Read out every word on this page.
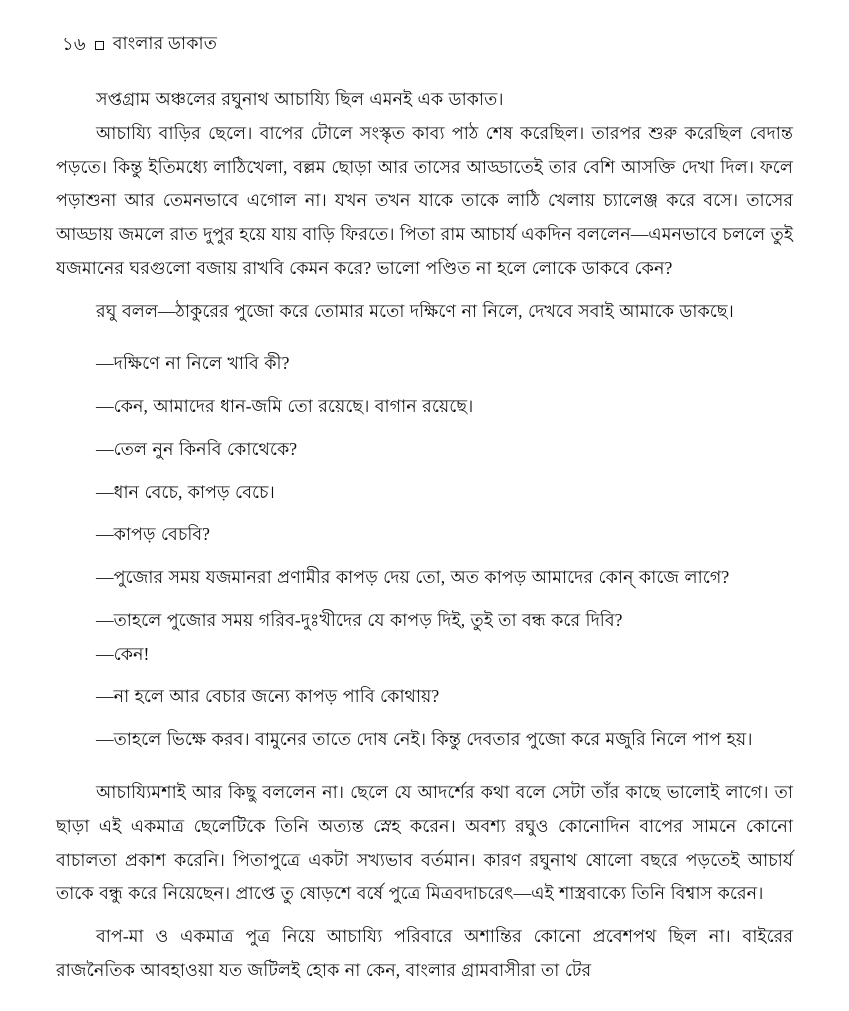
১৬ বাংলার ডাকাত

সপ্তগ্রাম অঞ্চলের রঘুনাথ আচায্যি ছিল এমনই এক ডাকাত।

আচায্যি বাড়ির ছেলে। বাপের টোলে সংস্কৃত কাব্য পাঠ শেষ করেছিল। তারপর শুরু করেছিল বেদান্ত পড়তে। কিন্তু ইতিমধ্যে লাঠিখেলা, বল্লম ছোড়া আর তাসের আড্ডাতেই তার বেশি আসক্তি দেখা দিল। ফলে পড়াশুনা আর তেমনভাবে এগোল না। যখন তখন যাকে তাকে লাঠি খেলায় চ্যালেঞ্জ করে বসে। তাসের আড্ডায় জমলে রাত দুপুর হয়ে যায় বাড়ি ফিরতে। পিতা রাম আচার্য একদিন বললেন—এমনভাবে চললে তুই যজমানের ঘরগুলো বজায় রাখবি কেমন করে? ভালো পণ্ডিত না হলে লোকে ডাকবে কেন?

রঘু বলল—ঠাকুরের পুজো করে তোমার মতো দক্ষিণে না নিলে, দেখবে সবাই আমাকে ডাকছে।

—দক্ষিণে না নিলে খাবি কী?

—কেন, আমাদের ধান-জমি তো রয়েছে। বাগান রয়েছে।

—তেল নুন কিনবি কোথেকে?

—ধান বেচে, কাপড় বেচে।

—কাপড় বেচবি?

—পুজোর সময় যজমানরা প্রণামীর কাপড় দেয় তো, অত কাপড় আমাদের কোন্ কাজে লাগে?

—তাহলে পুজোর সময় গরিব-দুঃখীদের যে কাপড় দিই, তুই তা বন্ধ করে দিবি?

—কেন!

—না হলে আর বেচার জন্যে কাপড় পাবি কোথায়?

—তাহলে ভিক্ষে করব। বামুনের তাতে দোষ নেই। কিন্তু দেবতার পুজো করে মজুরি নিলে পাপ হয়।

আচায্যিমশাই আর কিছু বললেন না। ছেলে যে আদর্শের কথা বলে সেটা তাঁর কাছে ভালোই লাগে। তা ছাড়া এই একমাত্র ছেলেটিকে তিনি অত্যন্ত স্নেহ করেন। অবশ্য রঘুও কোনোদিন বাপের সামনে কোনো বাচালতা প্রকাশ করেনি। পিতাপুত্রে একটা সখ্যভাব বর্তমান। কারণ রঘুনাথ ষোলো বছরে পড়তেই আচার্য তাকে বন্ধু করে নিয়েছেন। প্রাপ্তে তু ষোড়শে বর্ষে পুত্রে মিত্রবদাচরেৎ—এই শাস্ত্রবাক্যে তিনি বিশ্বাস করেন।

বাপ-মা ও একমাত্র পুত্র নিয়ে আচায্যি পরিবারে অশান্তির কোনো প্রবেশপথ ছিল না। বাইরের রাজনৈতিক আবহাওয়া যত জটিলই হোক না কেন, বাংলার গ্রামবাসীরা তা টের
